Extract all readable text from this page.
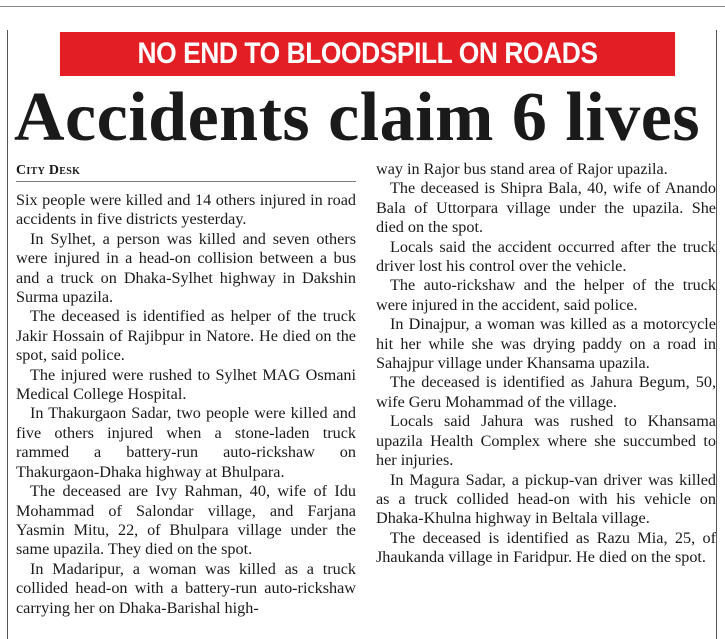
NO END TO BLOODSPILL ON ROADS
Accidents claim 6 lives
City Desk

Six people were killed and 14 others injured in road accidents in five districts yesterday.

In Sylhet, a person was killed and seven others were injured in a head-on collision between a bus and a truck on Dhaka-Sylhet highway in Dakshin Surma upazila.

The deceased is identified as helper of the truck Jakir Hossain of Rajibpur in Natore. He died on the spot, said police.

The injured were rushed to Sylhet MAG Osmani Medical College Hospital.

In Thakurgaon Sadar, two people were killed and five others injured when a stone-laden truck rammed a battery-run auto-rickshaw on Thakurgaon-Dhaka highway at Bhulpara.

The deceased are Ivy Rahman, 40, wife of Idu Mohammad of Salondar village, and Farjana Yasmin Mitu, 22, of Bhulpara village under the same upazila. They died on the spot.

In Madaripur, a woman was killed as a truck collided head-on with a battery-run auto-rickshaw carrying her on Dhaka-Barishal high-

way in Rajor bus stand area of Rajor upazila.

The deceased is Shipra Bala, 40, wife of Anando Bala of Uttorpara village under the upazila. She died on the spot.

Locals said the accident occurred after the truck driver lost his control over the vehicle.

The auto-rickshaw and the helper of the truck were injured in the accident, said police.

In Dinajpur, a woman was killed as a motorcycle hit her while she was drying paddy on a road in Sahajpur village under Khansama upazila.

The deceased is identified as Jahura Begum, 50, wife Geru Mohammad of the village.

Locals said Jahura was rushed to Khansama upazila Health Complex where she succumbed to her injuries.

In Magura Sadar, a pickup-van driver was killed as a truck collided head-on with his vehicle on Dhaka-Khulna highway in Beltala village.

The deceased is identified as Razu Mia, 25, of Jhaukanda village in Faridpur. He died on the spot.
